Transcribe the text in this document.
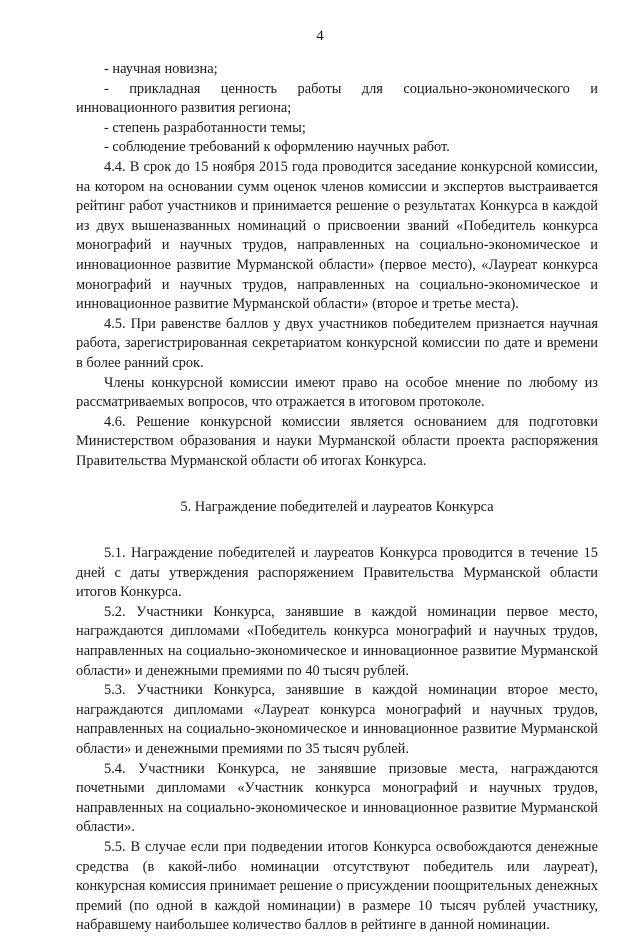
4

- научная новизна;

- прикладная ценность работы для социально-экономического и инновационного развития региона;

- степень разработанности темы;

- соблюдение требований к оформлению научных работ.

4.4. В срок до 15 ноября 2015 года проводится заседание конкурсной комиссии, на котором на основании сумм оценок членов комиссии и экспертов выстраивается рейтинг работ участников и принимается решение о результатах Конкурса в каждой из двух вышеназванных номинаций о присвоении званий «Победитель конкурса монографий и научных трудов, направленных на социально-экономическое и инновационное развитие Мурманской области» (первое место), «Лауреат конкурса монографий и научных трудов, направленных на социально-экономическое и инновационное развитие Мурманской области» (второе и третье места).

4.5. При равенстве баллов у двух участников победителем признается научная работа, зарегистрированная секретариатом конкурсной комиссии по дате и времени в более ранний срок.

Члены конкурсной комиссии имеют право на особое мнение по любому из рассматриваемых вопросов, что отражается в итоговом протоколе.

4.6. Решение конкурсной комиссии является основанием для подготовки Министерством образования и науки Мурманской области проекта распоряжения Правительства Мурманской области об итогах Конкурса.

5. Награждение победителей и лауреатов Конкурса

5.1. Награждение победителей и лауреатов Конкурса проводится в течение 15 дней с даты утверждения распоряжением Правительства Мурманской области итогов Конкурса.

5.2. Участники Конкурса, занявшие в каждой номинации первое место, награждаются дипломами «Победитель конкурса монографий и научных трудов, направленных на социально-экономическое и инновационное развитие Мурманской области» и денежными премиями по 40 тысяч рублей.

5.3. Участники Конкурса, занявшие в каждой номинации второе место, награждаются дипломами «Лауреат конкурса монографий и научных трудов, направленных на социально-экономическое и инновационное развитие Мурманской области» и денежными премиями по 35 тысяч рублей.

5.4. Участники Конкурса, не занявшие призовые места, награждаются почетными дипломами «Участник конкурса монографий и научных трудов, направленных на социально-экономическое и инновационное развитие Мурманской области».

5.5. В случае если при подведении итогов Конкурса освобождаются денежные средства (в какой-либо номинации отсутствуют победитель или лауреат), конкурсная комиссия принимает решение о присуждении поощрительных денежных премий (по одной в каждой номинации) в размере 10 тысяч рублей участнику, набравшему наибольшее количество баллов в рейтинге в данной номинации.
